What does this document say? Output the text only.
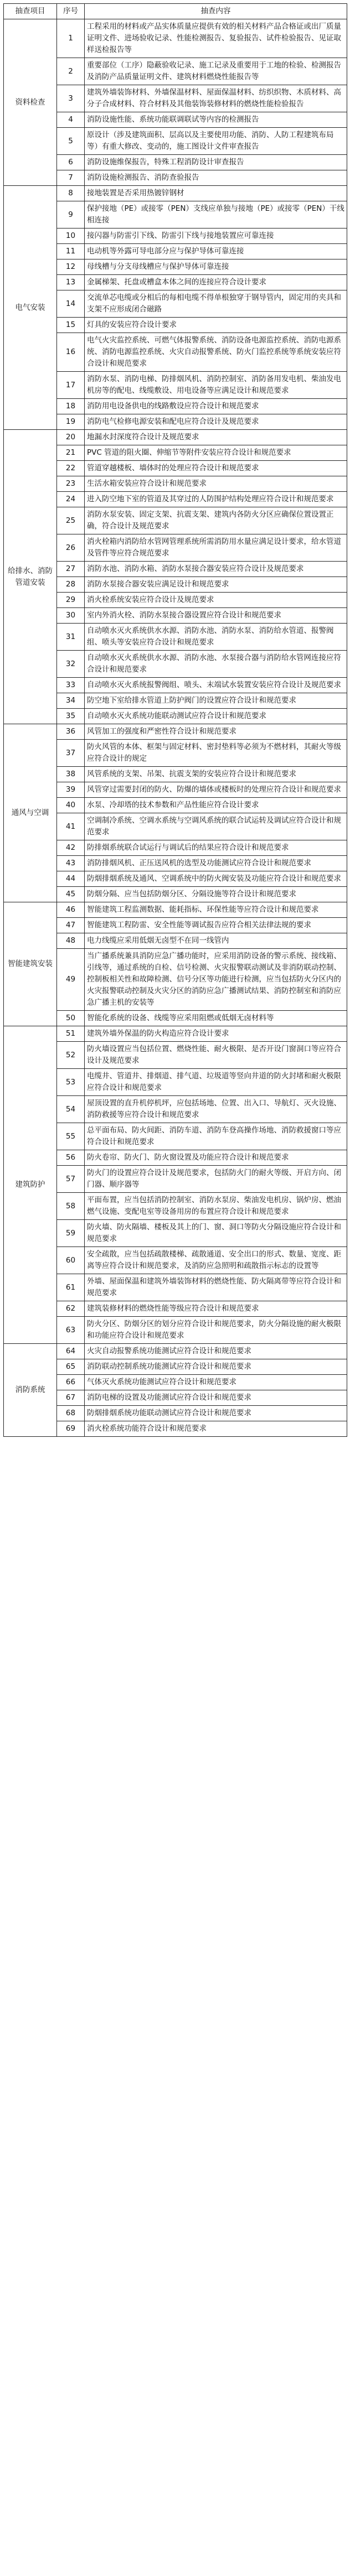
抽查项目	序号	抽查内容
资料检查	1	工程采用的材料或产品实体质量应提供有效的相关材料产品合格证或出厂质量证明文件、进场验收记录、性能检测报告、复验报告、试件检验报告、见证取样送检报告等
	2	重要部位（工序）隐蔽验收记录、施工记录及重要用于工地的检验、检测报告及消防产品质量证明文件、建筑材料燃烧性能报告等
	3	建筑外墙装饰材料、外墙保温材料、屋面保温材料、纺织织物、木质材料、高分子合成材料、符合材料及其他装饰装修材料的燃烧性能检验报告
	4	消防设施性能、系统功能联调联试等内容的检测报告
	5	原设计（涉及建筑面积、层高以及主要使用功能、消防、人防工程建筑布局等）有重大修改、变动的，施工图设计文件审查报告
	6	消防设施维保报告，特殊工程消防设计审查报告
	7	消防设施检测报告、消防查验报告
电气安装	8	接地装置是否采用热镀锌钢材
	9	保护接地（PE）或接零（PEN）支线应单独与接地（PE）或接零（PEN）干线相连接
	10	接闪器与防雷引下线、防雷引下线与接地装置应可靠连接
	11	电动机等外露可导电部分应与保护导体可靠连接
	12	母线槽与分支母线槽应与保护导体可靠连接
	13	金属梯架、托盘或槽盒本体之间的连接应符合设计要求
	14	交流单芯电缆或分相后的每相电缆不得单根独穿于钢导管内，固定用的夹具和支架不应形成闭合磁路
	15	灯具的安装应符合设计要求
	16	电气火灾监控系统、可燃气体报警系统、消防设备电源监控系统、消防电源系统、消防电源监控系统、火灾自动报警系统、防火门监控系统等系统安装应符合设计和规范要求
	17	消防水泵、消防电梯、防排烟风机、消防控制室、消防备用发电机、柴油发电机房等的配电、线缆敷设、用电设备等应满足设计和规范要求
	18	消防用电设备供电的线路敷设应符合设计和规范要求
	19	消防电气检修电源安装和配电应符合设计及规范要求
给排水、消防管道安装	20	地漏水封深度符合设计及规范要求
	21	PVC 管道的阻火圈、伸缩节等附件安装应符合设计和规范要求
	22	管道穿越楼板、墙体时的处理应符合设计和规范要求
	23	生活水箱安装应符合设计和规范要求
	24	进入防空地下室的管道及其穿过的人防围护结构处理应符合设计和规范要求
	25	消防水泵安装、固定支架、抗震支架、建筑内各防火分区应确保位置设置正确，符合设计及规范要求
	26	消火栓箱内消防给水管网管理系统所需消防用水量应满足设计要求，给水管道及管件等应符合规范要求
	27	消防水池、消防水箱、消防水泵接合器安装应符合设计及规范要求
	28	消防水泵接合器安装应满足设计和规范要求
	29	消火栓系统安装应符合设计及规范要求
	30	室内外消火栓、消防水泵接合器设置应符合设计和规范要求
	31	自动喷水灭火系统供水水源、消防水池、消防水泵、消防给水管道、报警阀组、喷头等安装应符合设计和规范要求
	32	自动喷水灭火系统供水水源、消防水池、水泵接合器与消防给水管网连接应符合设计和规范要求
	33	自动喷水灭火系统报警阀组、喷头、末端试水装置安装应符合设计及规范要求
	34	防空地下室给排水管道上防护阀门的设置应符合设计和规范要求
	35	自动喷水灭火系统功能联动测试应符合设计和规范要求
通风与空调	36	风管加工的强度和严密性符合设计和规范要求
	37	防火风管的本体、框架与固定材料、密封垫料等必须为不燃材料，其耐火等级应符合设计的规定
	38	风管系统的支架、吊架、抗震支架的安装应符合设计和规范要求
	39	风管穿过需要封闭的防火、防爆的墙体或楼板时的处理应符合设计和规范要求
	40	水泵、冷却塔的技术参数和产品性能应符合设计要求
	41	空调制冷系统、空调水系统与空调风系统的联合试运转及调试应符合设计和规范要求
	42	防排烟系统联合试运行与调试后的结果应符合设计和规范要求
	43	消防排烟风机、正压送风机的选型及功能测试应符合设计和规范要求
	44	防烟排烟系统及通风、空调系统中的防火阀安装及功能应符合设计和规范要求
	45	防烟分隔、应当包括防烟分区、分隔设施等符合设计和规范要求
智能建筑安装	46	智能建筑工程监测数据、能耗指标、环保性能等应符合设计和规范要求
	47	智能建筑工程防雷、安全性能等调试报告应符合相关法律法规的要求
	48	电力线缆应采用低烟无卤型不在同一线管内
	49	当广播系统兼具消防应急广播功能时，应采用消防设备的警示系统、接线箱、引线等，通过系统的自检、信号检测、火灾报警联动测试及非消防联动控制、控制板相关性和故障检测、信号分区等功能进行检测，应当包括防火分区内的火灾报警联动控制及火灾分区的消防应急广播测试结果、消防控制室和消防应急广播主机的安装等
	50	智能化系统的设备、线缆等应采用阻燃或低烟无卤材料等
建筑防护	51	建筑外墙外保温的防火构造应符合设计要求
	52	防火墙设置应当包括位置、燃烧性能、耐火极限、是否开设门窗洞口等应符合设计及规范要求
	53	电缆井、管道井、排烟道、排气道、垃圾道等竖向井道的防火封堵和耐火极限应符合设计和规范要求
	54	屋顶设置的直升机停机坪，应包括场地、位置、出入口、导航灯、灭火设施、消防救援等应符合设计和规范要求
	55	总平面布局、防火间距、消防车道、消防车登高操作场地、消防救援窗口等应符合设计和规范要求
	56	防火卷帘、防火门、防火窗设置及功能应符合设计和规范要求
	57	防火门的设置应符合设计及规范要求，包括防火门的耐火等级、开启方向、闭门器、顺序器等
	58	平面布置，应当包括消防控制室、消防水泵房、柴油发电机房、锅炉房、燃油燃气设施、变配电室等设备用房的布置应符合设计和规范要求
	59	防火墙、防火隔墙、楼板及其上的门、窗、洞口等防火分隔设施应符合设计和规范要求
	60	安全疏散，应当包括疏散楼梯、疏散通道、安全出口的形式、数量、宽度、距离等应符合设计和规范要求，及消防应急照明和疏散指示标志的设置等
	61	外墙、屋面保温和建筑外墙装饰材料的燃烧性能、防火隔离带等应符合设计和规范要求
	62	建筑装修材料的燃烧性能等级应符合设计和规范要求
	63	防火分区、防烟分区的划分应符合设计和规范要求，防火分隔设施的耐火极限和功能应符合设计和规范要求
消防系统	64	火灾自动报警系统功能测试应符合设计和规范要求
	65	消防联动控制系统功能测试应符合设计和规范要求
	66	气体灭火系统功能测试应符合设计和规范要求
	67	消防电梯的设置及功能测试应符合设计和规范要求
	68	防烟排烟系统功能联动测试应符合设计和规范要求
	69	消火栓系统功能符合设计和规范要求
